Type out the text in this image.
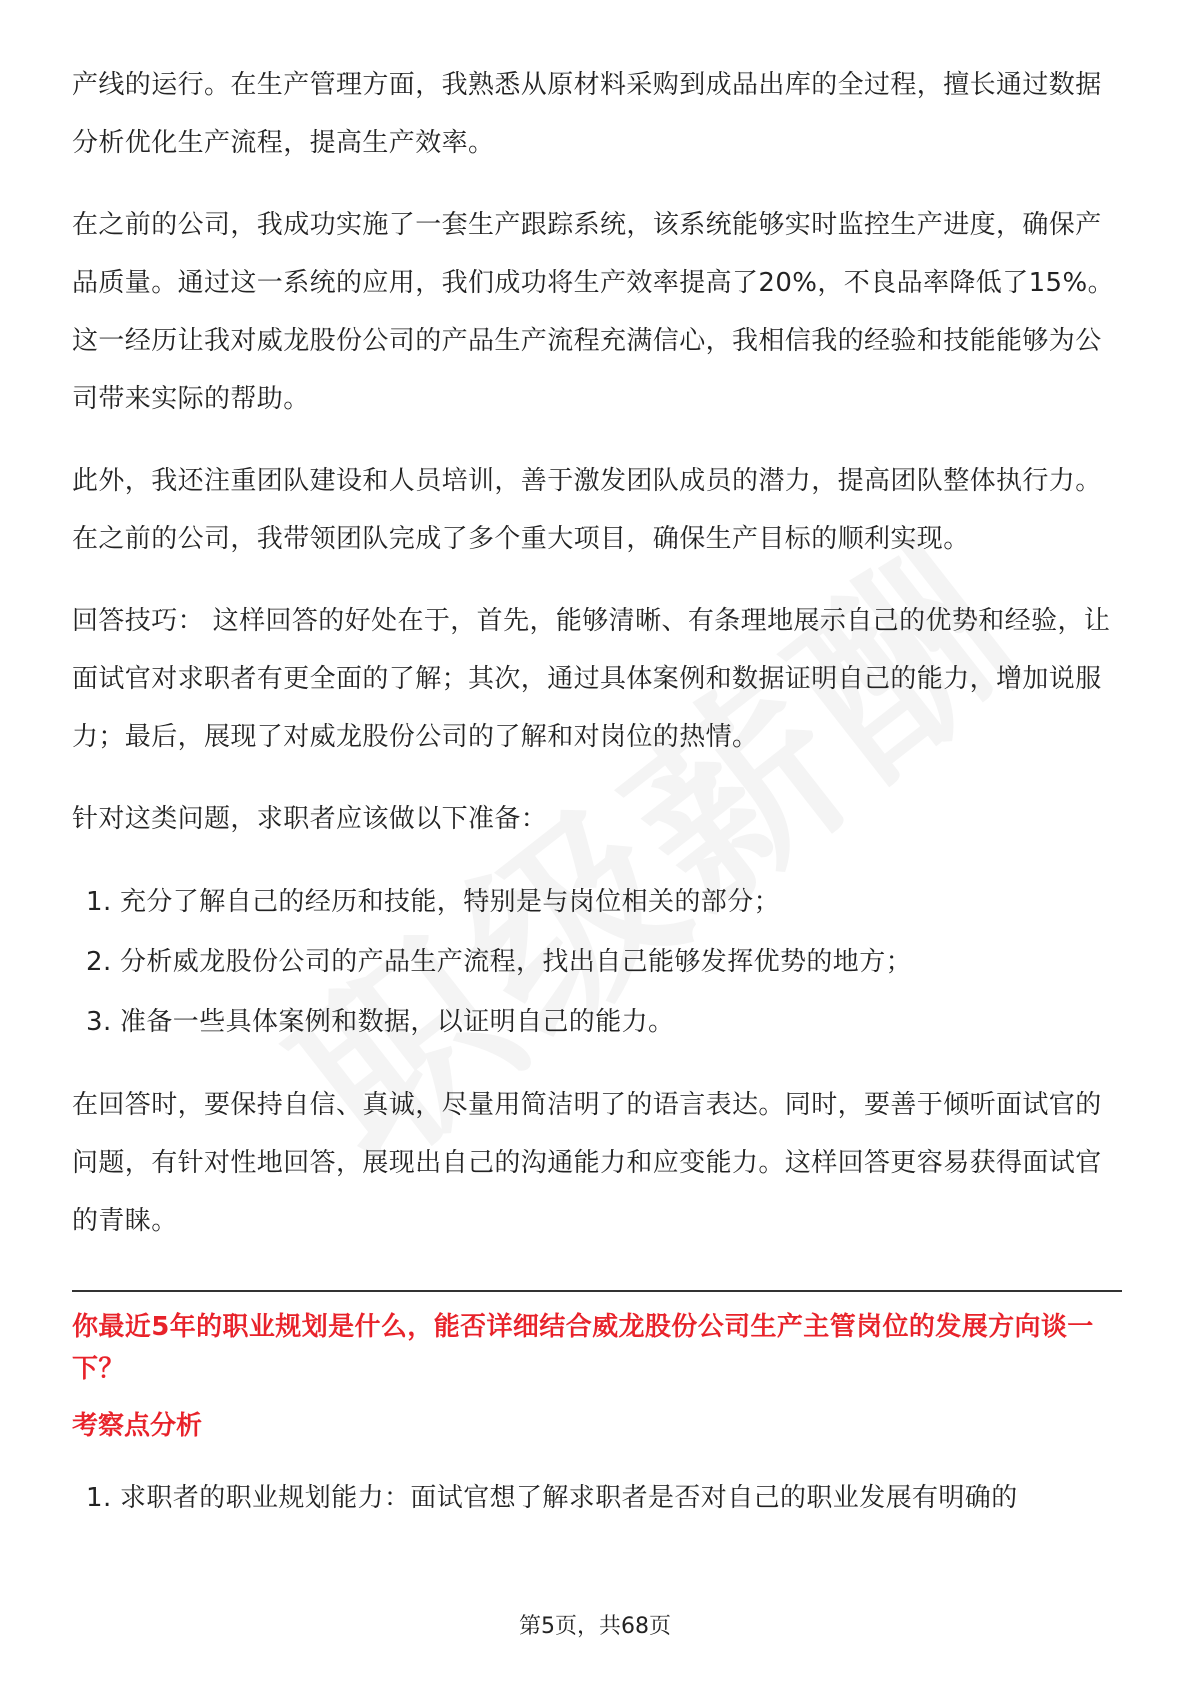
产线的运行。在生产管理方面，我熟悉从原材料采购到成品出库的全过程，擅长通过数据分析优化生产流程，提高生产效率。

在之前的公司，我成功实施了一套生产跟踪系统，该系统能够实时监控生产进度，确保产品质量。通过这一系统的应用，我们成功将生产效率提高了20%，不良品率降低了15%。这一经历让我对威龙股份公司的产品生产流程充满信心，我相信我的经验和技能能够为公司带来实际的帮助。

此外，我还注重团队建设和人员培训，善于激发团队成员的潜力，提高团队整体执行力。在之前的公司，我带领团队完成了多个重大项目，确保生产目标的顺利实现。

回答技巧： 这样回答的好处在于，首先，能够清晰、有条理地展示自己的优势和经验，让面试官对求职者有更全面的了解；其次，通过具体案例和数据证明自己的能力，增加说服力；最后，展现了对威龙股份公司的了解和对岗位的热情。

针对这类问题，求职者应该做以下准备：

1. 充分了解自己的经历和技能，特别是与岗位相关的部分；
2. 分析威龙股份公司的产品生产流程，找出自己能够发挥优势的地方；
3. 准备一些具体案例和数据，以证明自己的能力。

在回答时，要保持自信、真诚，尽量用简洁明了的语言表达。同时，要善于倾听面试官的问题，有针对性地回答，展现出自己的沟通能力和应变能力。这样回答更容易获得面试官的青睐。

你最近5年的职业规划是什么，能否详细结合威龙股份公司生产主管岗位的发展方向谈一下？
考察点分析
1. 求职者的职业规划能力：面试官想了解求职者是否对自己的职业发展有明确的
第5页，共68页
